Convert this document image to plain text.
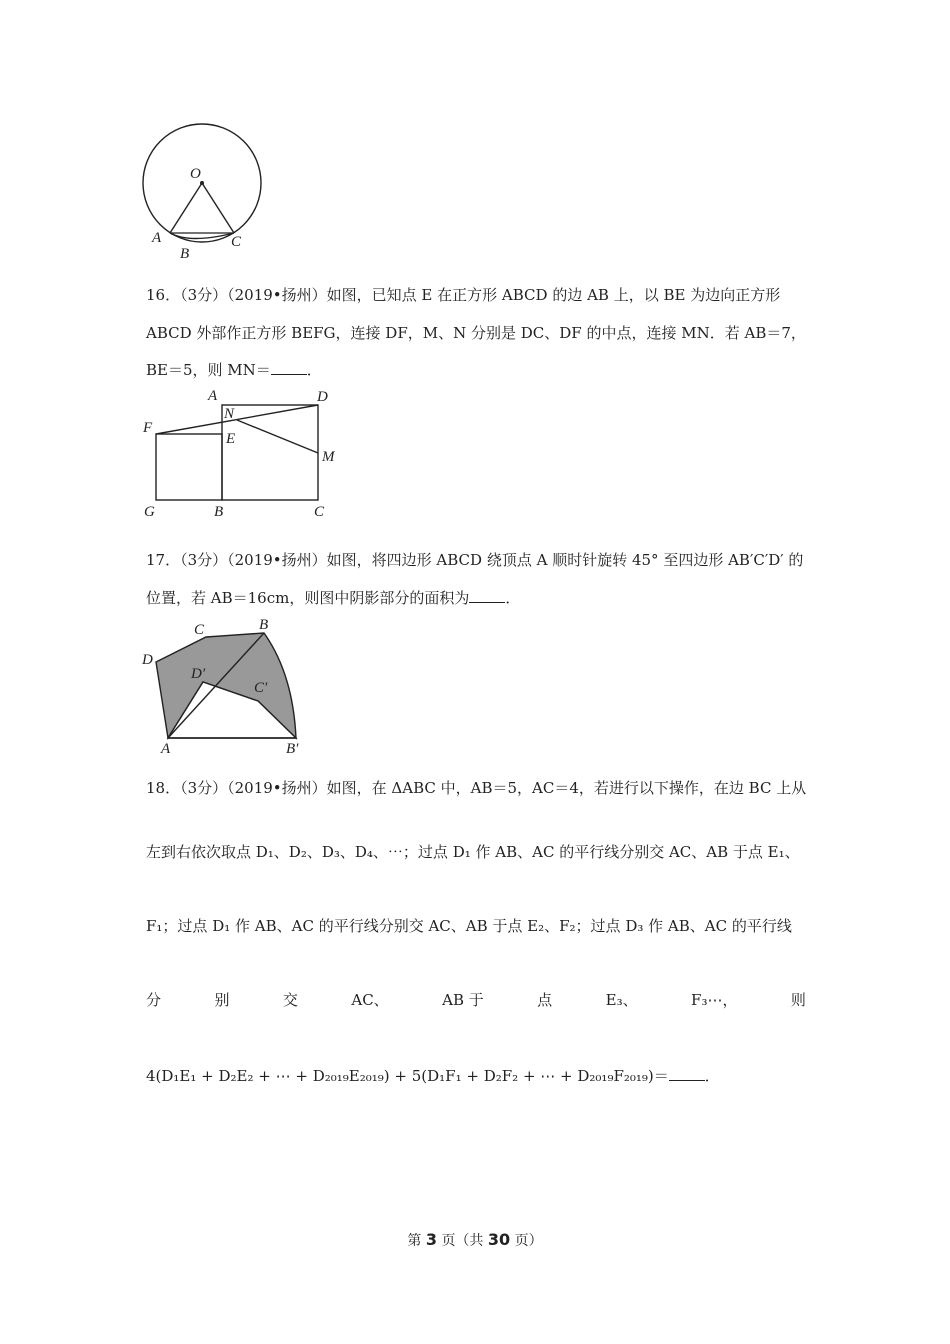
O
A
B
C
16．（3分）（2019•扬州）如图，已知点 E 在正方形 ABCD 的边 AB 上，以 BE 为边向正方形
ABCD 外部作正方形 BEFG，连接 DF，M、N 分别是 DC、DF 的中点，连接 MN．若 AB＝7，
BE＝5，则 MN＝ ．
A	D
N
F
E
M
G	B	C
17．（3分）（2019•扬州）如图，将四边形 ABCD 绕顶点 A 顺时针旋转 45° 至四边形 AB′C′D′ 的
位置，若 AB＝16cm，则图中阴影部分的面积为 ．
B
C
D
D′
C′
A	B′
18．（3分）（2019•扬州）如图，在 ΔABC 中，AB＝5，AC＝4，若进行以下操作，在边 BC 上从
左到右依次取点 D₁、D₂、D₃、D₄、⋯；过点 D₁ 作 AB、AC 的平行线分别交 AC、AB 于点 E₁、
F₁；过点 D₁ 作 AB、AC 的平行线分别交 AC、AB 于点 E₂、F₂；过点 D₃ 作 AB、AC 的平行线
分	别	交	AC、	AB 于	点	E₃、	F₃⋯，	则
4(D₁E₁ + D₂E₂ + ⋯ + D₂₀₁₉E₂₀₁₉) + 5(D₁F₁ + D₂F₂ + ⋯ + D₂₀₁₉F₂₀₁₉)＝ ．
第 3 页（共 30 页）
